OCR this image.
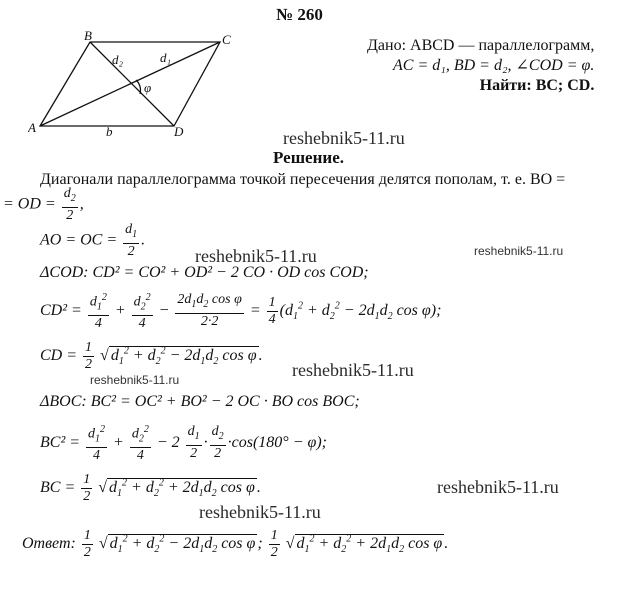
№ 260
A
B	C
D
d₂	d₁
φ
b
Дано: ABCD — параллелограмм,
AC = d₁, BD = d₂, ∠COD = φ.
Найти: BC; CD.
reshebnik5-11.ru
reshebnik5-11.ru	reshebnik5-11.ru
reshebnik5-11.ru
reshebnik5-11.ru
reshebnik5-11.ru
reshebnik5-11.ru
Решение.
Диагонали параллелограмма точкой пересечения делятся пополам, т. е. BO =
= OD = $\frac{d_2}{2}$ ,
AO = OC = $\frac{d_1}{2}$ .
ΔCOD: CD² = CO² + OD² − 2 CO · OD cos COD;
$CD^2 = \frac{d_1^2}{4} + \frac{d_2^2}{4} - \frac{2d_1d_2 \cos \varphi}{2\cdot 2} = \frac{1}{4} (d_1^2 + d_2^2 - 2d_1d_2$ cos φ);
CD = $\frac{1}{2}$ √ $d_1^2 + d_2^2 - 2d_1d_2$ cos φ .
ΔBOC: BC² = OC² + BO² − 2 OC · BO cos BOC;
$BC^2 = \frac{d_1^2}{4} + \frac{d_2^2}{4} - 2 \frac{d_1}{2} \cdot \frac{d_2}{2} \cdot\cos(180^\circ - \varphi)$;
BC = $\frac{1}{2}$ √ $d_1^2 + d_2^2 + 2d_1d_2$ cos φ .
Ответ: $\frac{1}{2}$ √ $d_1^2 + d_2^2 - 2d_1d_2$ cos φ ; $\frac{1}{2}$ √ $d_1^2 + d_2^2 + 2d_1d_2$ cos φ .
